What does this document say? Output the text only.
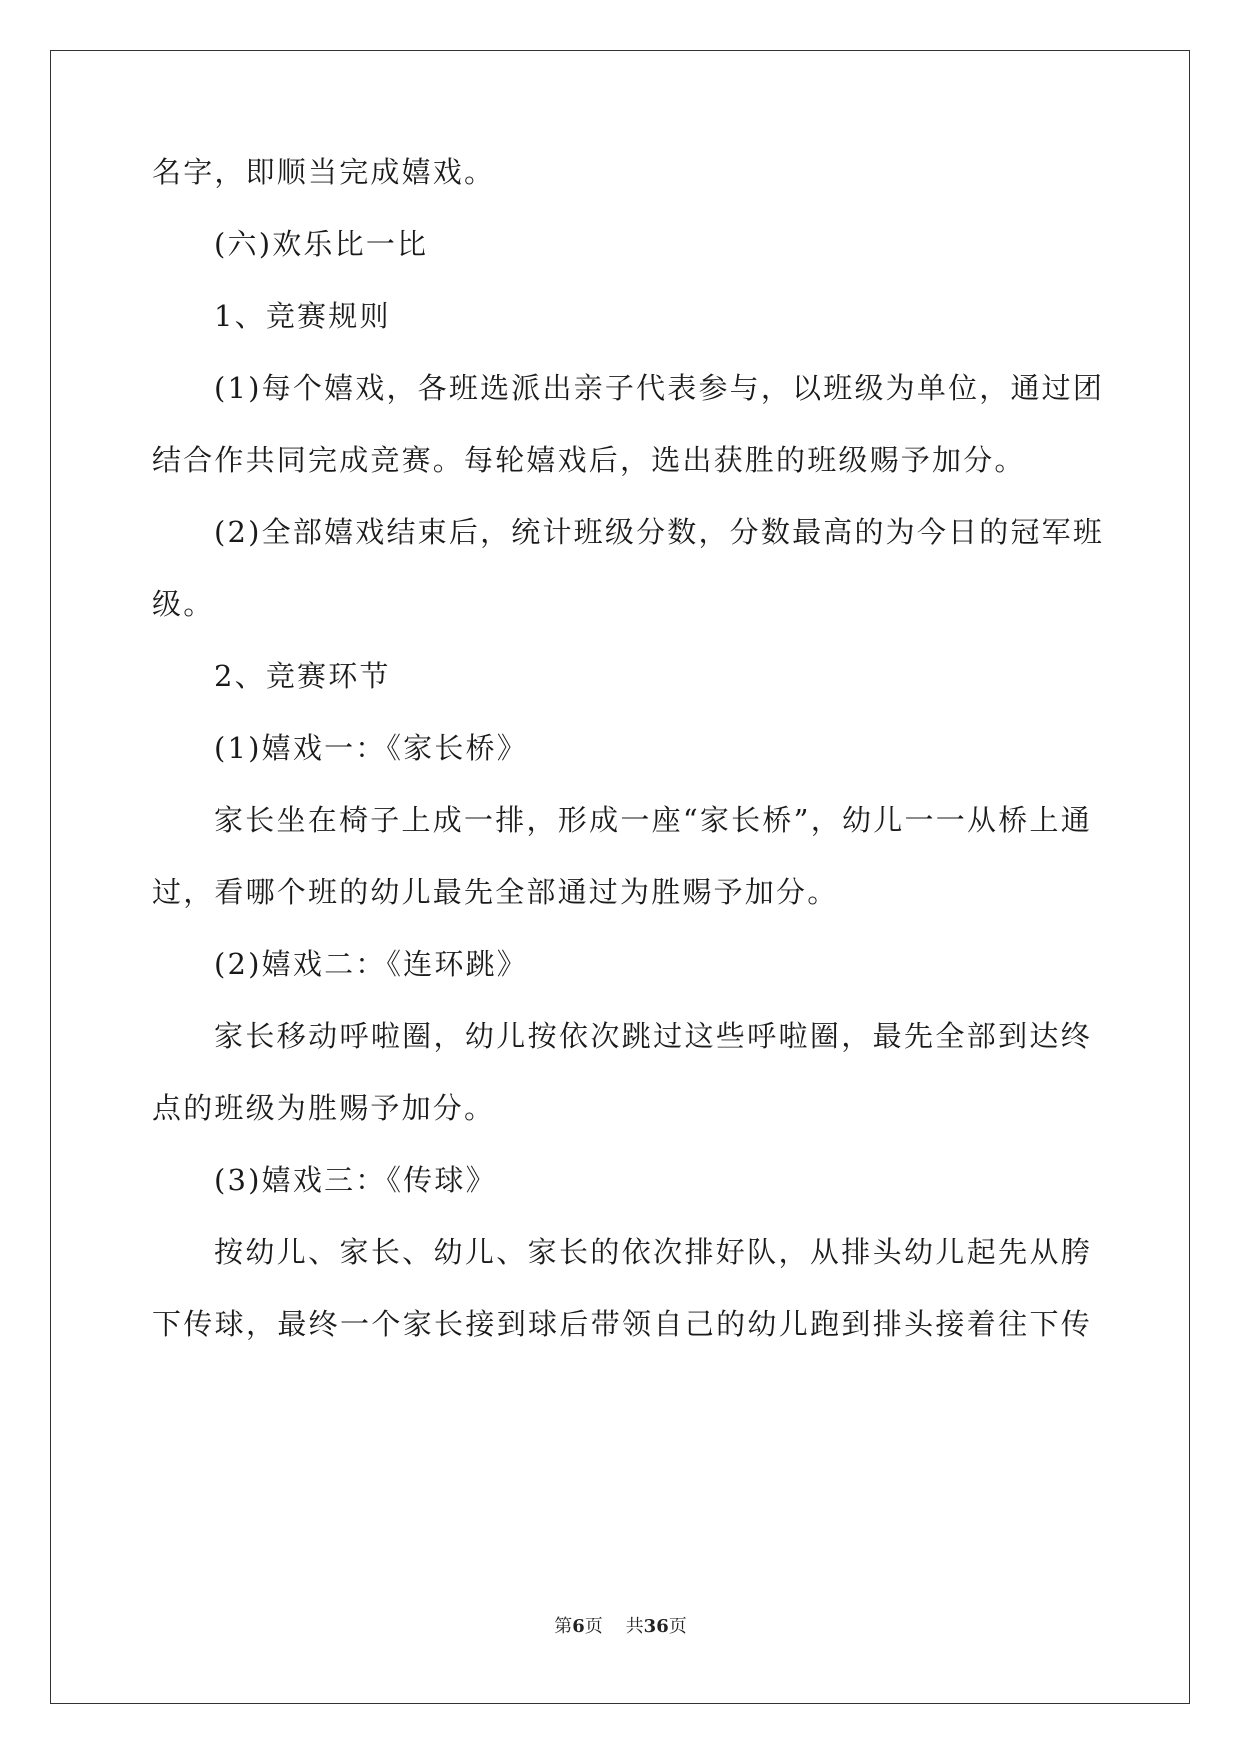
名字，即顺当完成嬉戏。
(六)欢乐比一比
1、竞赛规则
(1)每个嬉戏，各班选派出亲子代表参与，以班级为单位，通过团
结合作共同完成竞赛。每轮嬉戏后，选出获胜的班级赐予加分。
(2)全部嬉戏结束后，统计班级分数，分数最高的为今日的冠军班
级。
2、竞赛环节
(1)嬉戏一：《家长桥》
家长坐在椅子上成一排，形成一座“家长桥”，幼儿一一从桥上通
过，看哪个班的幼儿最先全部通过为胜赐予加分。
(2)嬉戏二：《连环跳》
家长移动呼啦圈，幼儿按依次跳过这些呼啦圈，最先全部到达终
点的班级为胜赐予加分。
(3)嬉戏三：《传球》
按幼儿、家长、幼儿、家长的依次排好队，从排头幼儿起先从胯
下传球，最终一个家长接到球后带领自己的幼儿跑到排头接着往下传
第6页 共36页
